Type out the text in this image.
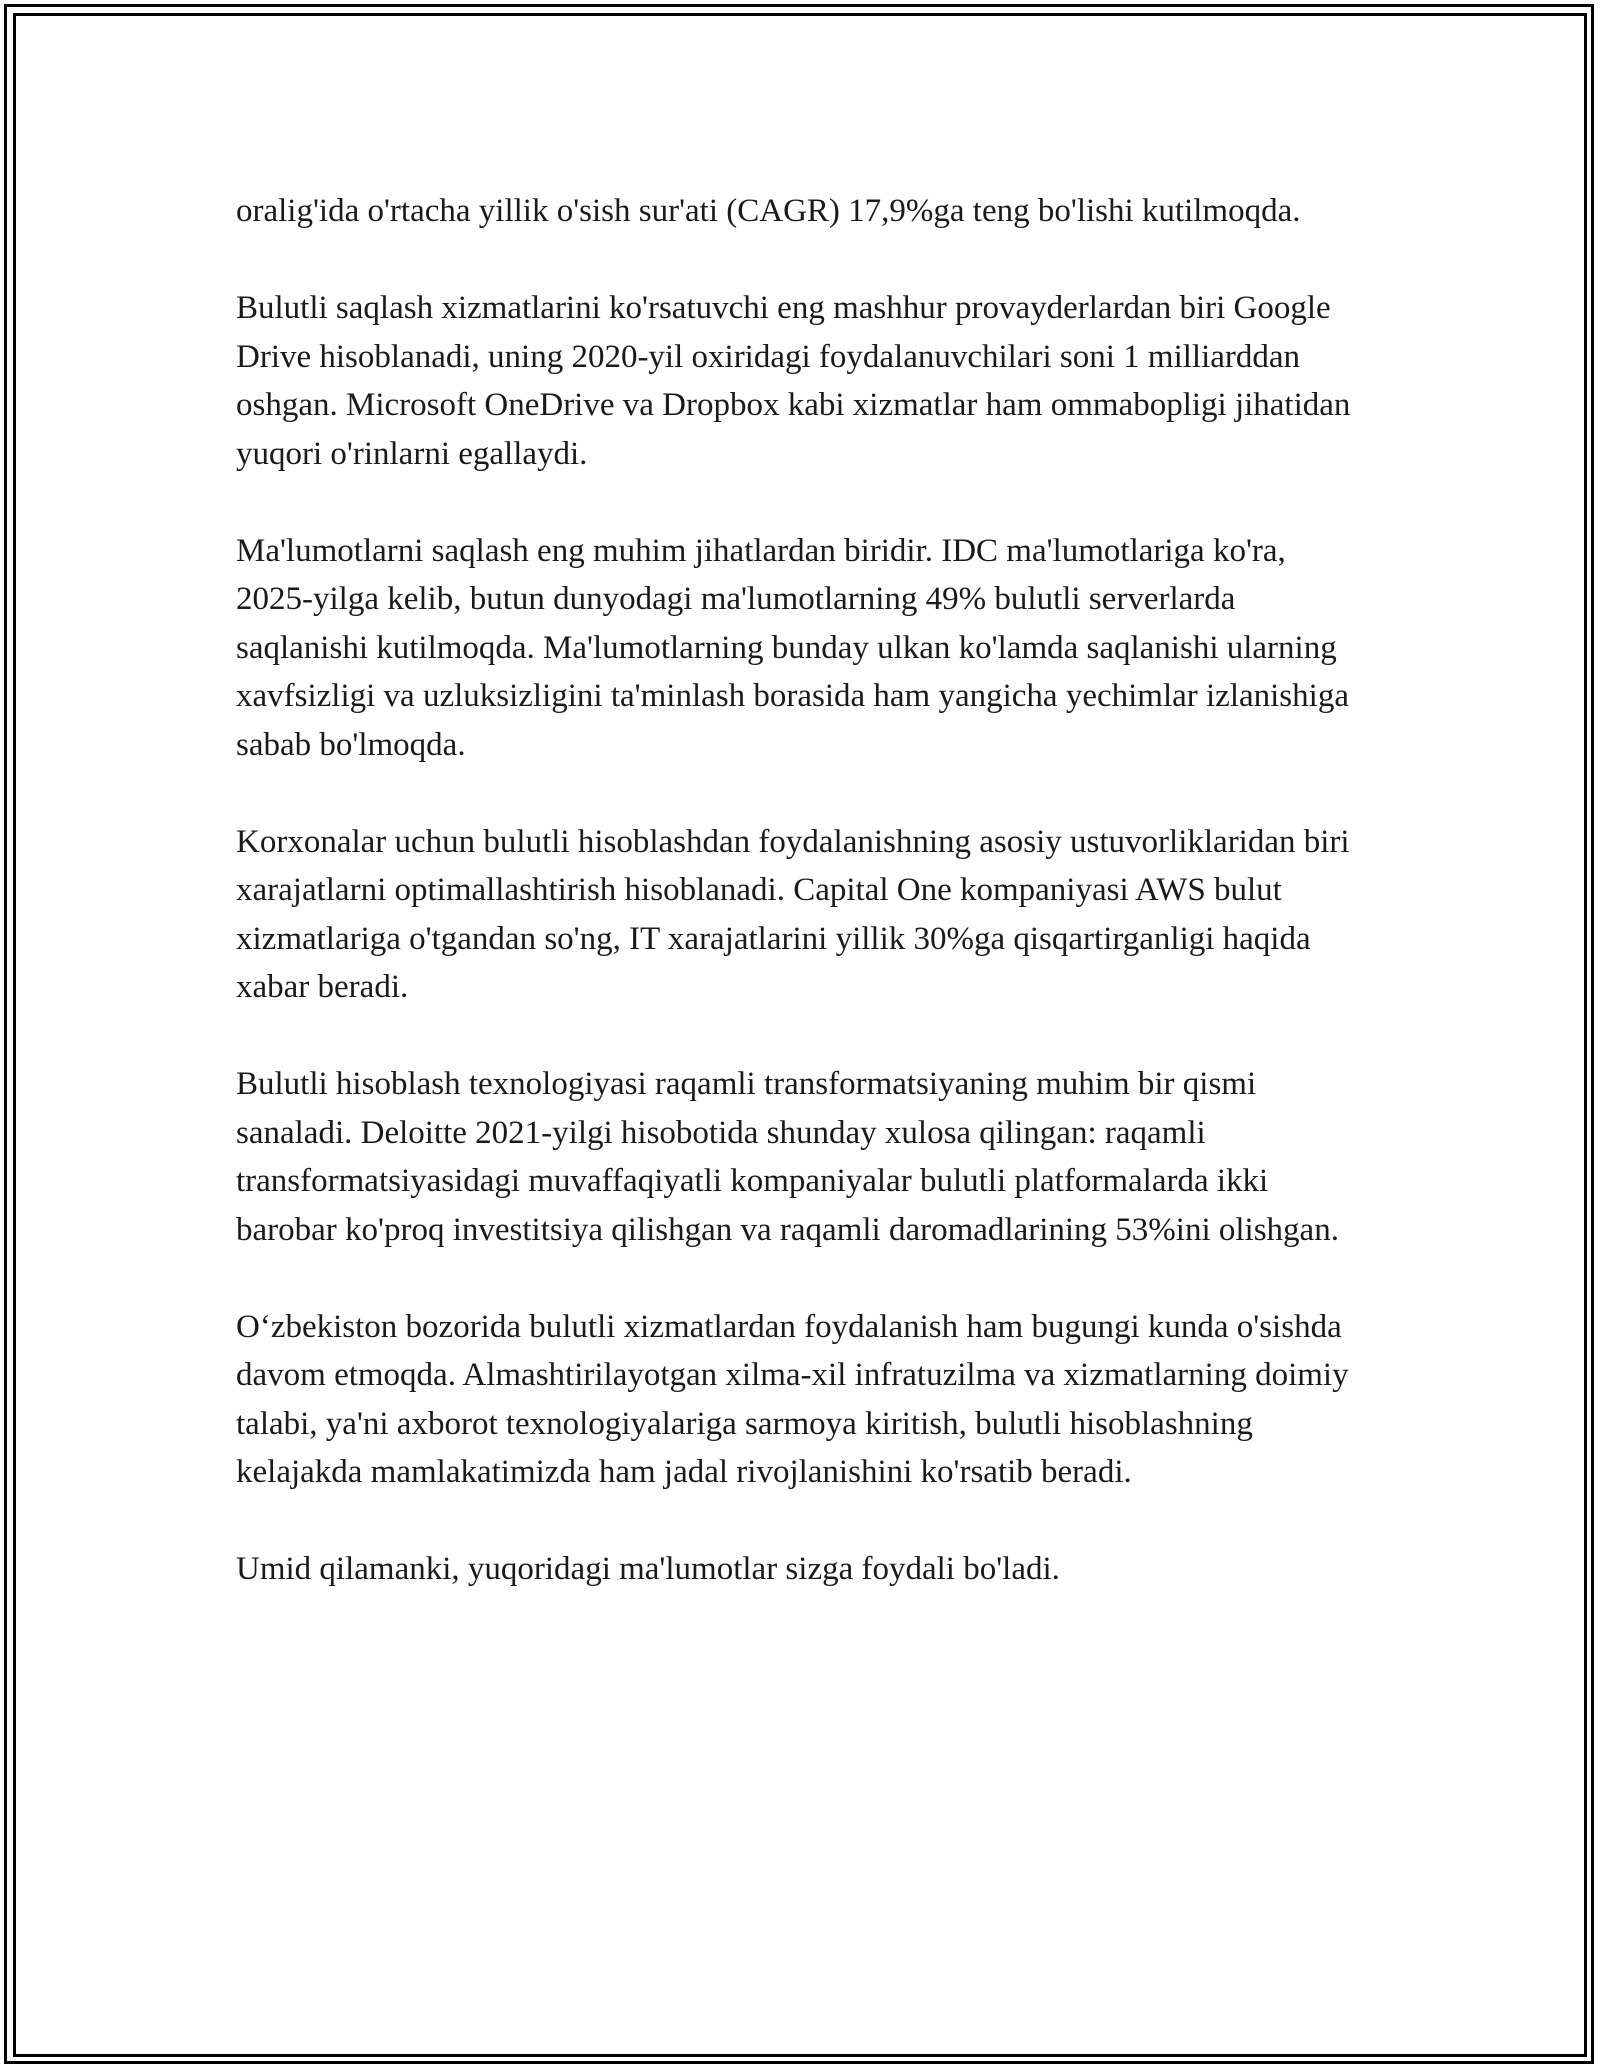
oralig'ida o'rtacha yillik o'sish sur'ati (CAGR) 17,9%ga teng bo'lishi kutilmoqda.

Bulutli saqlash xizmatlarini ko'rsatuvchi eng mashhur provayderlardan biri Google Drive hisoblanadi, uning 2020-yil oxiridagi foydalanuvchilari soni 1 milliarddan oshgan. Microsoft OneDrive va Dropbox kabi xizmatlar ham ommabopligi jihatidan yuqori o'rinlarni egallaydi.

Ma'lumotlarni saqlash eng muhim jihatlardan biridir. IDC ma'lumotlariga ko'ra, 2025-yilga kelib, butun dunyodagi ma'lumotlarning 49% bulutli serverlarda saqlanishi kutilmoqda. Ma'lumotlarning bunday ulkan ko'lamda saqlanishi ularning xavfsizligi va uzluksizligini ta'minlash borasida ham yangicha yechimlar izlanishiga sabab bo'lmoqda.

Korxonalar uchun bulutli hisoblashdan foydalanishning asosiy ustuvorliklaridan biri xarajatlarni optimallashtirish hisoblanadi. Capital One kompaniyasi AWS bulut xizmatlariga o'tgandan so'ng, IT xarajatlarini yillik 30%ga qisqartirganligi haqida xabar beradi.

Bulutli hisoblash texnologiyasi raqamli transformatsiyaning muhim bir qismi sanaladi. Deloitte 2021-yilgi hisobotida shunday xulosa qilingan: raqamli transformatsiyasidagi muvaffaqiyatli kompaniyalar bulutli platformalarda ikki barobar ko'proq investitsiya qilishgan va raqamli daromadlarining 53%ini olishgan.

O‘zbekiston bozorida bulutli xizmatlardan foydalanish ham bugungi kunda o'sishda davom etmoqda. Almashtirilayotgan xilma-xil infratuzilma va xizmatlarning doimiy talabi, ya'ni axborot texnologiyalariga sarmoya kiritish, bulutli hisoblashning kelajakda mamlakatimizda ham jadal rivojlanishini ko'rsatib beradi.

Umid qilamanki, yuqoridagi ma'lumotlar sizga foydali bo'ladi.
